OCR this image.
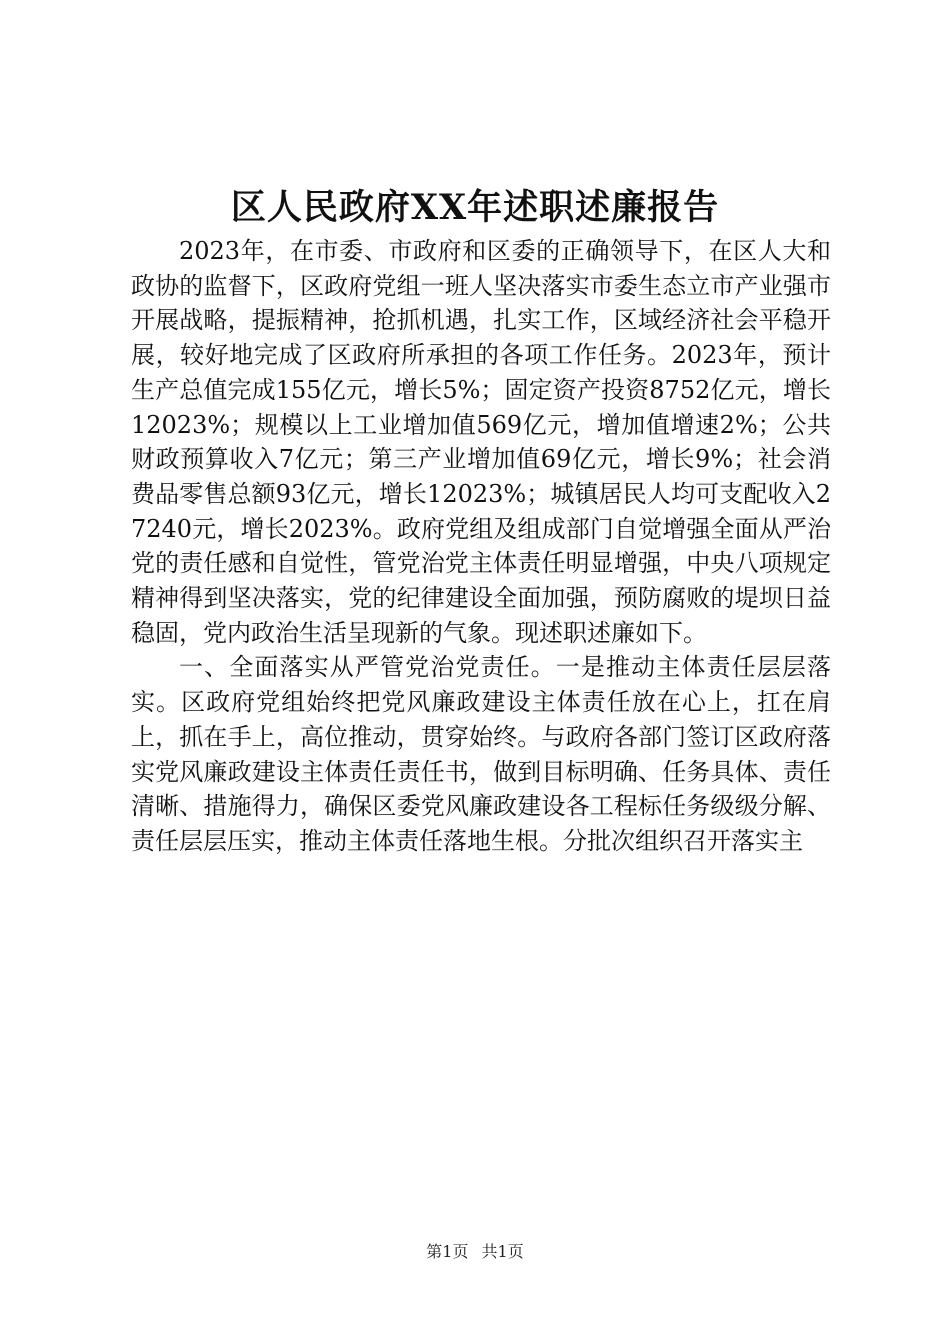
区人民政府XX年述职述廉报告

2023年，在市委、市政府和区委的正确领导下，在区人大和政协的监督下，区政府党组一班人坚决落实市委生态立市产业强市开展战略，提振精神，抢抓机遇，扎实工作，区域经济社会平稳开展，较好地完成了区政府所承担的各项工作任务。2023年，预计生产总值完成155亿元，增长5%；固定资产投资8752亿元，增长12023%；规模以上工业增加值569亿元，增加值增速2%；公共财政预算收入7亿元；第三产业增加值69亿元，增长9%；社会消费品零售总额93亿元，增长12023%；城镇居民人均可支配收入27240元，增长2023%。政府党组及组成部门自觉增强全面从严治党的责任感和自觉性，管党治党主体责任明显增强，中央八项规定精神得到坚决落实，党的纪律建设全面加强，预防腐败的堤坝日益稳固，党内政治生活呈现新的气象。现述职述廉如下。

一、全面落实从严管党治党责任。一是推动主体责任层层落实。区政府党组始终把党风廉政建设主体责任放在心上，扛在肩上，抓在手上，高位推动，贯穿始终。与政府各部门签订区政府落实党风廉政建设主体责任责任书，做到目标明确、任务具体、责任清晰、措施得力，确保区委党风廉政建设各工程标任务级级分解、责任层层压实，推动主体责任落地生根。分批次组织召开落实主

第1页 共1页
